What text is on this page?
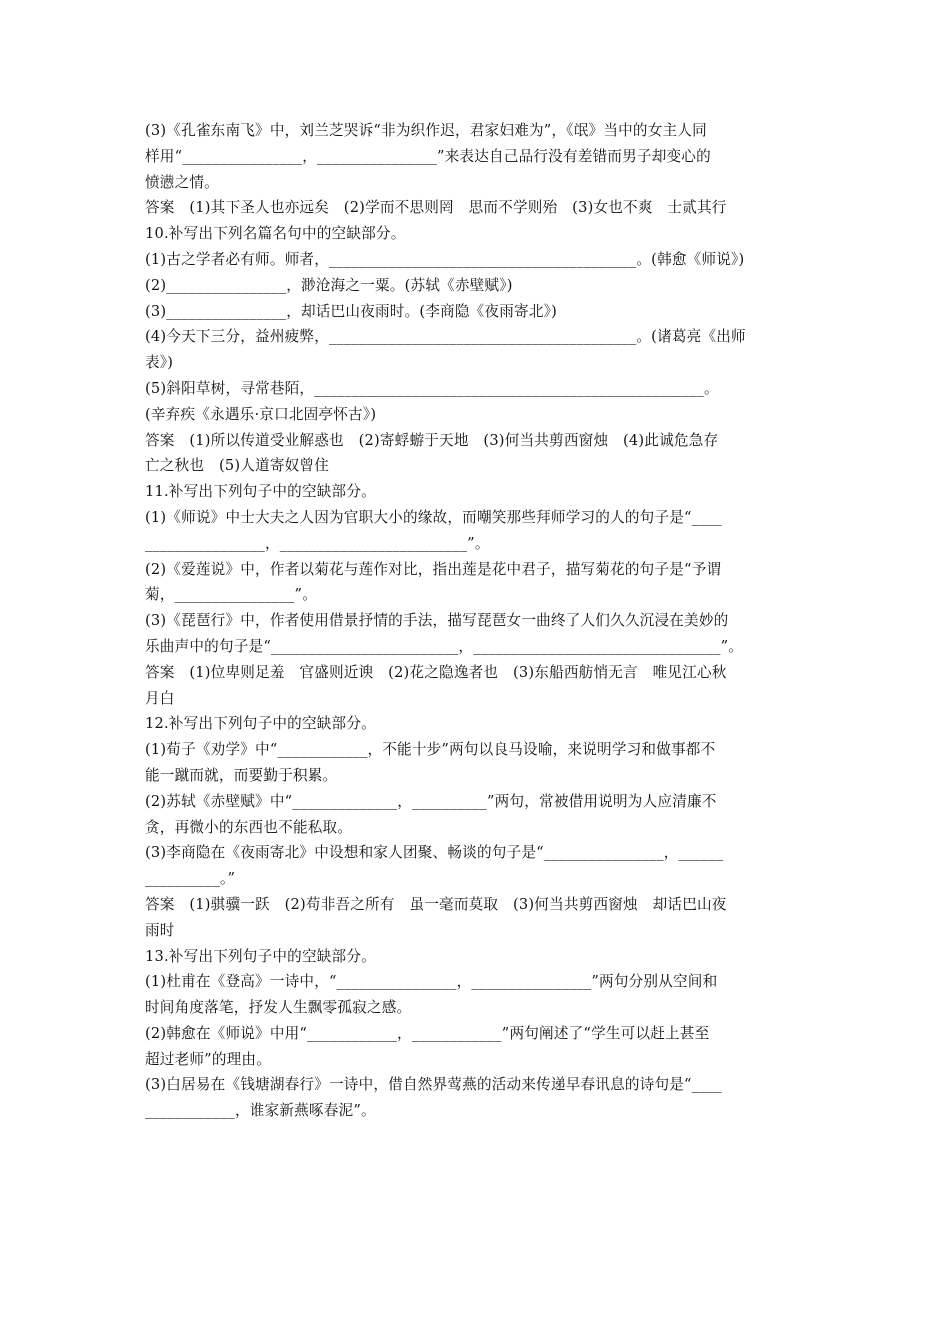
(3)《孔雀东南飞》中，刘兰芝哭诉“非为织作迟，君家妇难为”，《氓》当中的女主人同
样用“________________，________________”来表达自己品行没有差错而男子却变心的
愤懑之情。
答案　(1)其下圣人也亦远矣　(2)学而不思则罔　思而不学则殆　(3)女也不爽　士贰其行
10.补写出下列名篇名句中的空缺部分。
(1)古之学者必有师。师者，_________________________________________。(韩愈《师说》)
(2)________________，渺沧海之一粟。(苏轼《赤壁赋》)
(3)________________，却话巴山夜雨时。(李商隐《夜雨寄北》)
(4)今天下三分，益州疲弊，_________________________________________。(诸葛亮《出师
表》)
(5)斜阳草树，寻常巷陌，____________________________________________________。
(辛弃疾《永遇乐·京口北固亭怀古》)
答案　(1)所以传道受业解惑也　(2)寄蜉蝣于天地　(3)何当共剪西窗烛　(4)此诚危急存
亡之秋也　(5)人道寄奴曾住
11.补写出下列句子中的空缺部分。
(1)《师说》中士大夫之人因为官职大小的缘故，而嘲笑那些拜师学习的人的句子是“____
________________，_________________________”。
(2)《爱莲说》中，作者以菊花与莲作对比，指出莲是花中君子，描写菊花的句子是“予谓
菊，________________”。
(3)《琵琶行》中，作者使用借景抒情的手法，描写琵琶女一曲终了人们久久沉浸在美妙的
乐曲声中的句子是“_________________________，_________________________________”。
答案　(1)位卑则足羞　官盛则近谀　(2)花之隐逸者也　(3)东船西舫悄无言　唯见江心秋
月白
12.补写出下列句子中的空缺部分。
(1)荀子《劝学》中“____________，不能十步”两句以良马设喻，来说明学习和做事都不
能一蹴而就，而要勤于积累。
(2)苏轼《赤壁赋》中“______________，__________”两句，常被借用说明为人应清廉不
贪，再微小的东西也不能私取。
(3)李商隐在《夜雨寄北》中设想和家人团聚、畅谈的句子是“________________，______
__________。”
答案　(1)骐骥一跃　(2)苟非吾之所有　虽一毫而莫取　(3)何当共剪西窗烛　却话巴山夜
雨时
13.补写出下列句子中的空缺部分。
(1)杜甫在《登高》一诗中，“________________，________________”两句分别从空间和
时间角度落笔，抒发人生飘零孤寂之感。
(2)韩愈在《师说》中用“____________，____________”两句阐述了“学生可以赶上甚至
超过老师”的理由。
(3)白居易在《钱塘湖春行》一诗中，借自然界莺燕的活动来传递早春讯息的诗句是“____
____________，谁家新燕啄春泥”。
